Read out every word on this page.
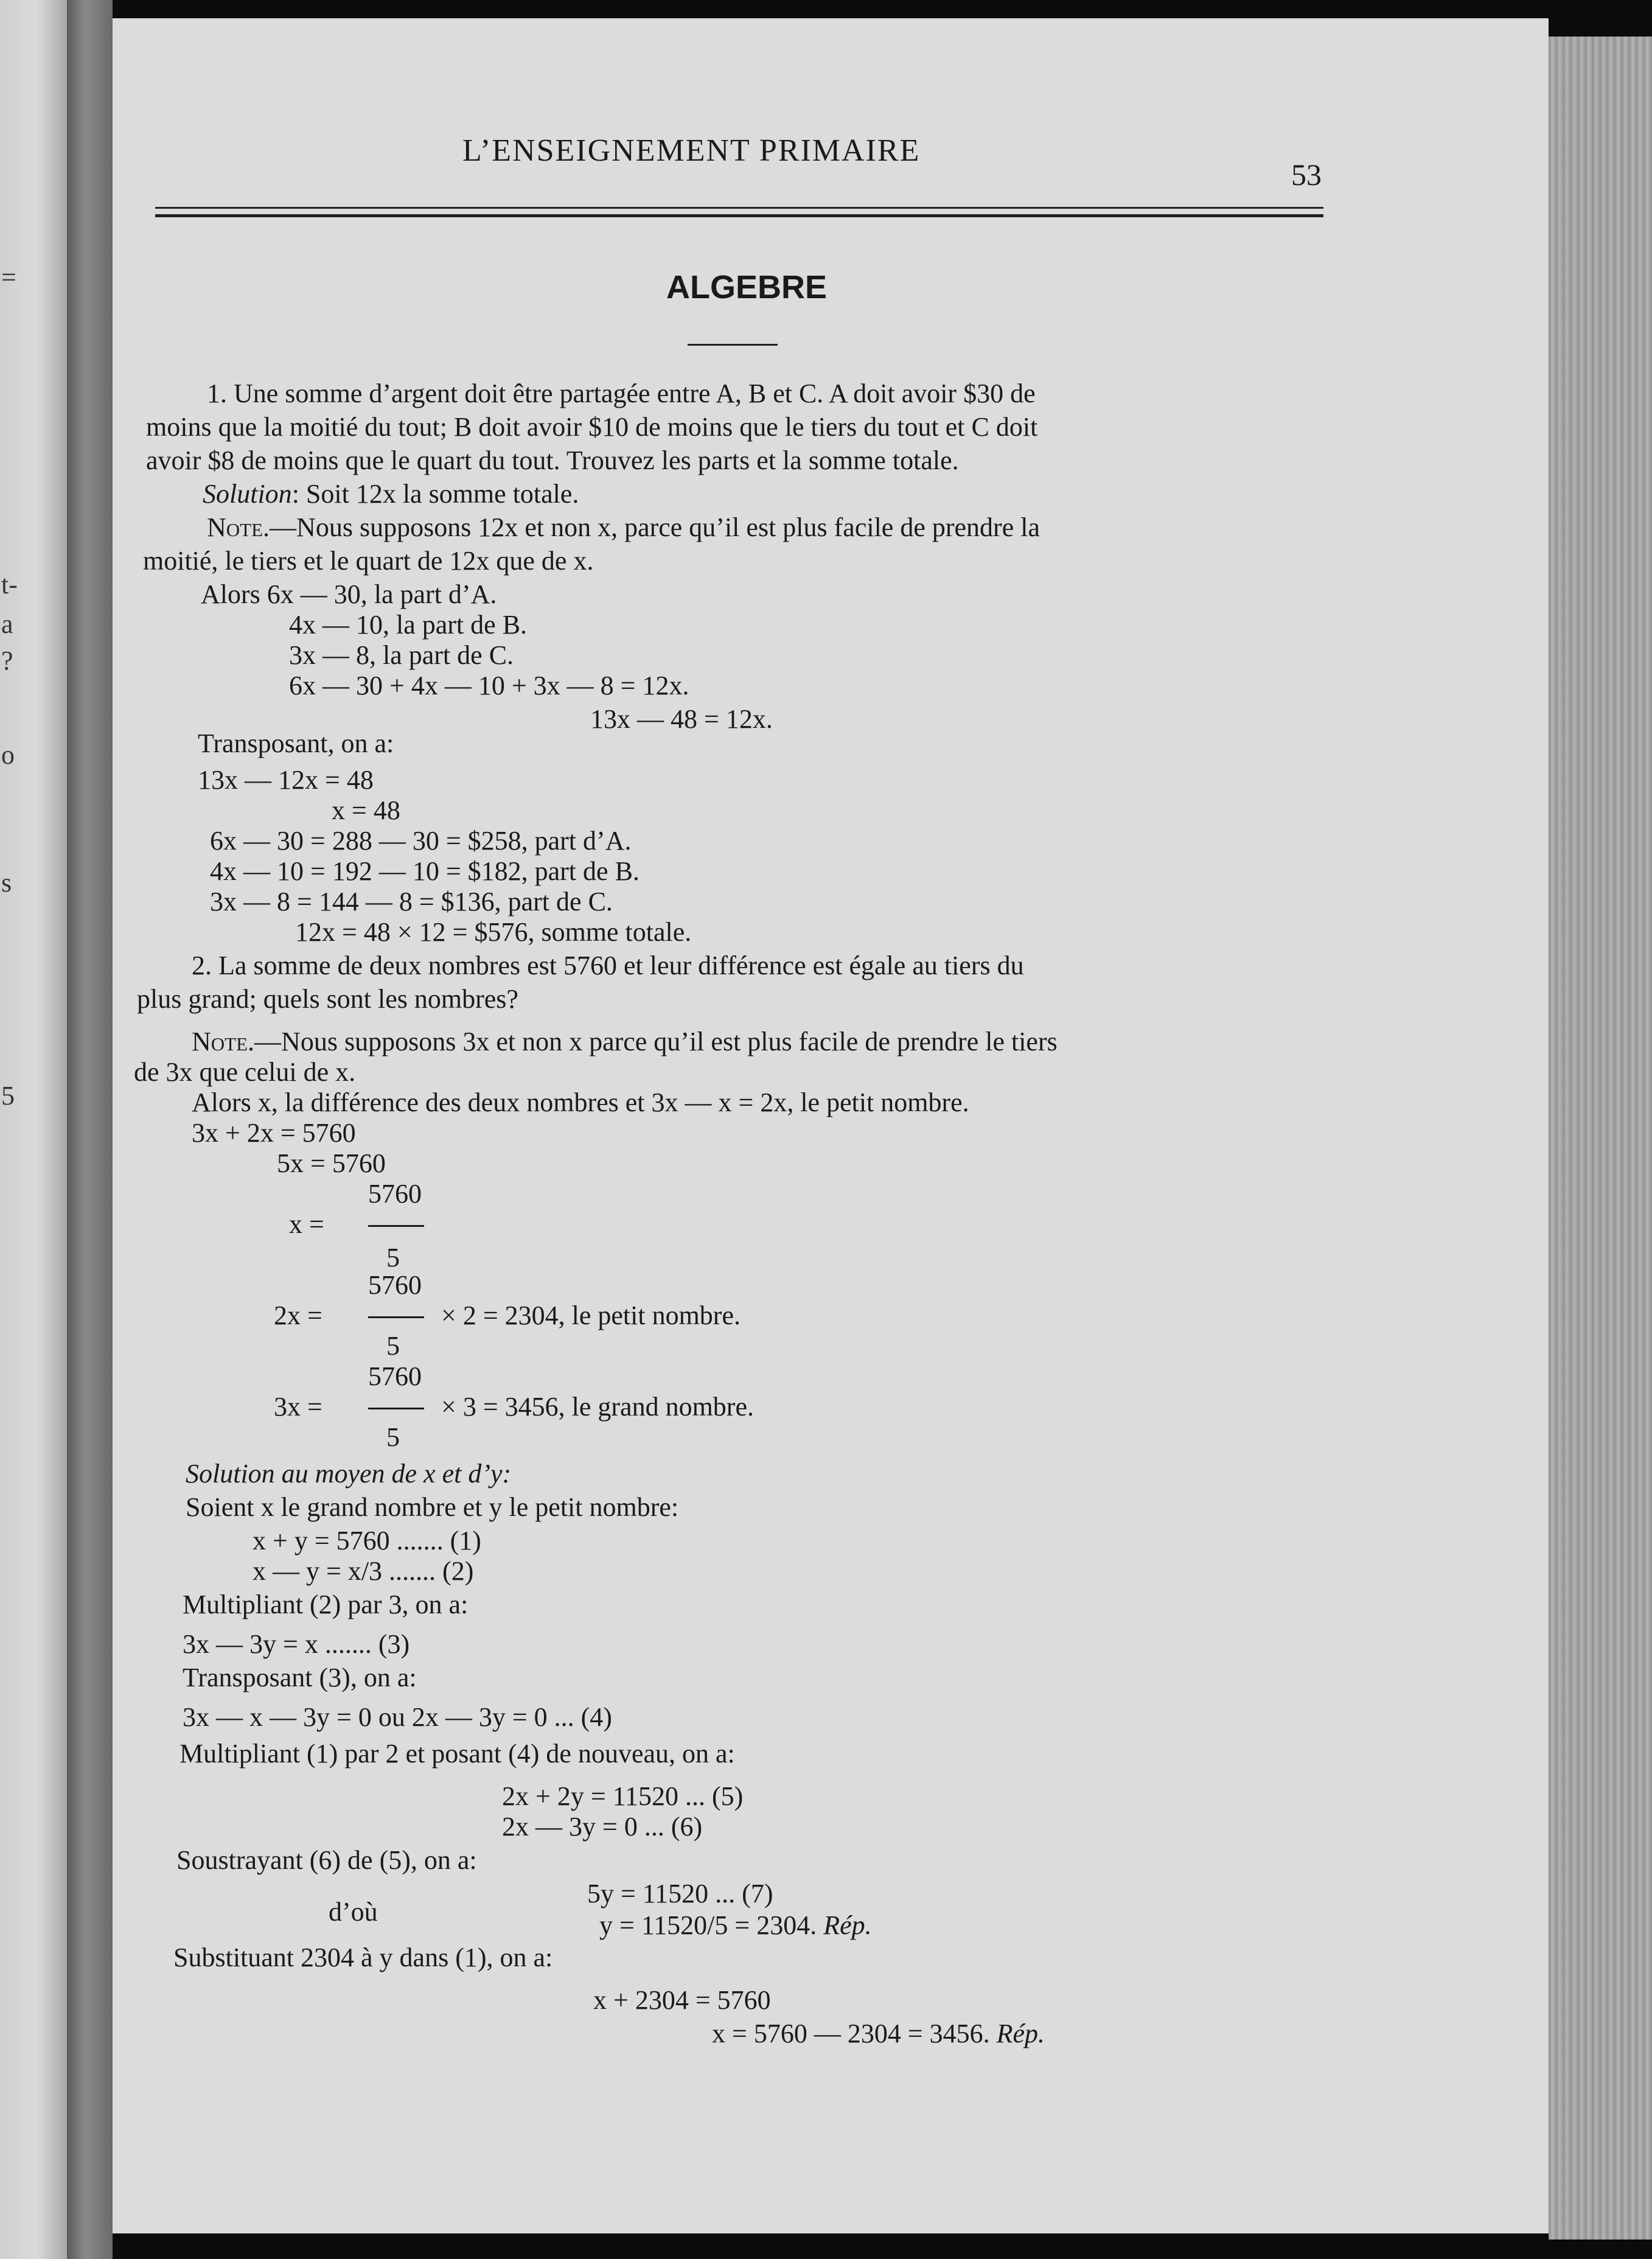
=
t-
a
?
o
s
5
L’ENSEIGNEMENT PRIMAIRE
53
ALGEBRE
1. Une somme d’argent doit être partagée entre A, B et C. A doit avoir $30 de
moins que la moitié du tout; B doit avoir $10 de moins que le tiers du tout et C doit
avoir $8 de moins que le quart du tout. Trouvez les parts et la somme totale.
Solution: Soit 12x la somme totale.
Note.—Nous supposons 12x et non x, parce qu’il est plus facile de prendre la
moitié, le tiers et le quart de 12x que de x.
Alors 6x — 30, la part d’A.
4x — 10, la part de B.
3x — 8, la part de C.
6x — 30 + 4x — 10 + 3x — 8 = 12x.
13x — 48 = 12x.
Transposant, on a:
13x — 12x = 48
x = 48
6x — 30 = 288 — 30 = $258, part d’A.
4x — 10 = 192 — 10 = $182, part de B.
3x — 8 = 144 — 8 = $136, part de C.
12x = 48 × 12 = $576, somme totale.
2. La somme de deux nombres est 5760 et leur différence est égale au tiers du
plus grand; quels sont les nombres?
Note.—Nous supposons 3x et non x parce qu’il est plus facile de prendre le tiers
de 3x que celui de x.
Alors x, la différence des deux nombres et 3x — x = 2x, le petit nombre.
3x + 2x = 5760
5x = 5760
5760
x =
5
5760
2x =	× 2 = 2304, le petit nombre.
5
5760
3x =	× 3 = 3456, le grand nombre.
5
Solution au moyen de x et d’y:
Soient x le grand nombre et y le petit nombre:
x + y = 5760 ....... (1)
x — y = x/3 ....... (2)
Multipliant (2) par 3, on a:
3x — 3y = x ....... (3)
Transposant (3), on a:
3x — x — 3y = 0 ou 2x — 3y = 0 ... (4)
Multipliant (1) par 2 et posant (4) de nouveau, on a:
2x + 2y = 11520 ... (5)
2x — 3y = 0 ... (6)
Soustrayant (6) de (5), on a:
5y = 11520 ... (7)
d’où	y = 11520/5 = 2304. Rép.
Substituant 2304 à y dans (1), on a:
x + 2304 = 5760
x = 5760 — 2304 = 3456. Rép.
